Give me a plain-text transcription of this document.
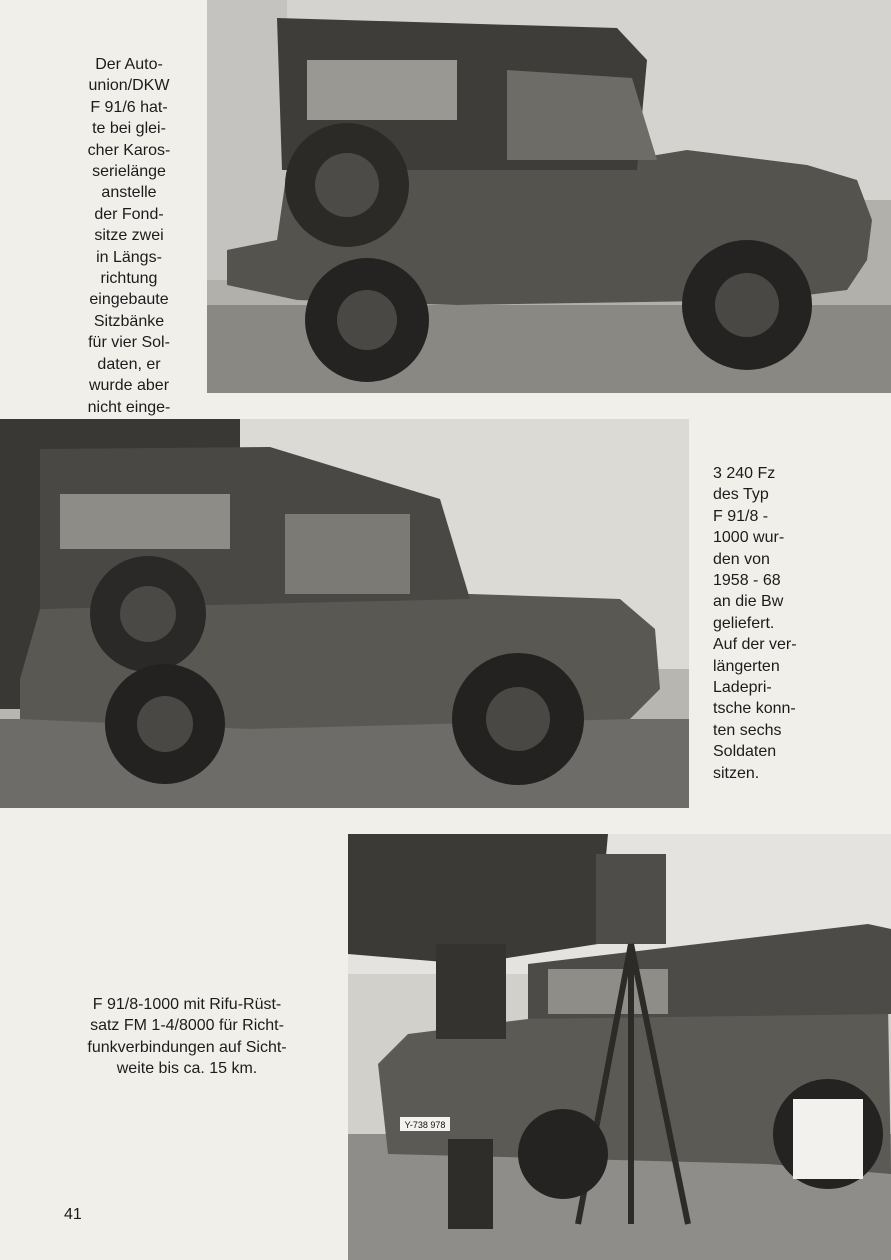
Der Auto-
union/DKW
F 91/6 hat-
te bei glei-
cher Karos-
serielänge
anstelle
der Fond-
sitze zwei
in Längs-
richtung
eingebaute
Sitzbänke
für vier Sol-
daten, er
wurde aber
nicht einge-

3 240 Fz
des Typ
F 91/8 -
1000 wur-
den von
1958 - 68
an die Bw
geliefert.
Auf der ver-
längerten
Ladepri-
tsche konn-
ten sechs
Soldaten
sitzen.

Y-738 978

F 91/8-1000 mit Rifu-Rüst-
satz FM 1-4/8000 für Richt-
funkverbindungen auf Sicht-
weite bis ca. 15 km.

41
